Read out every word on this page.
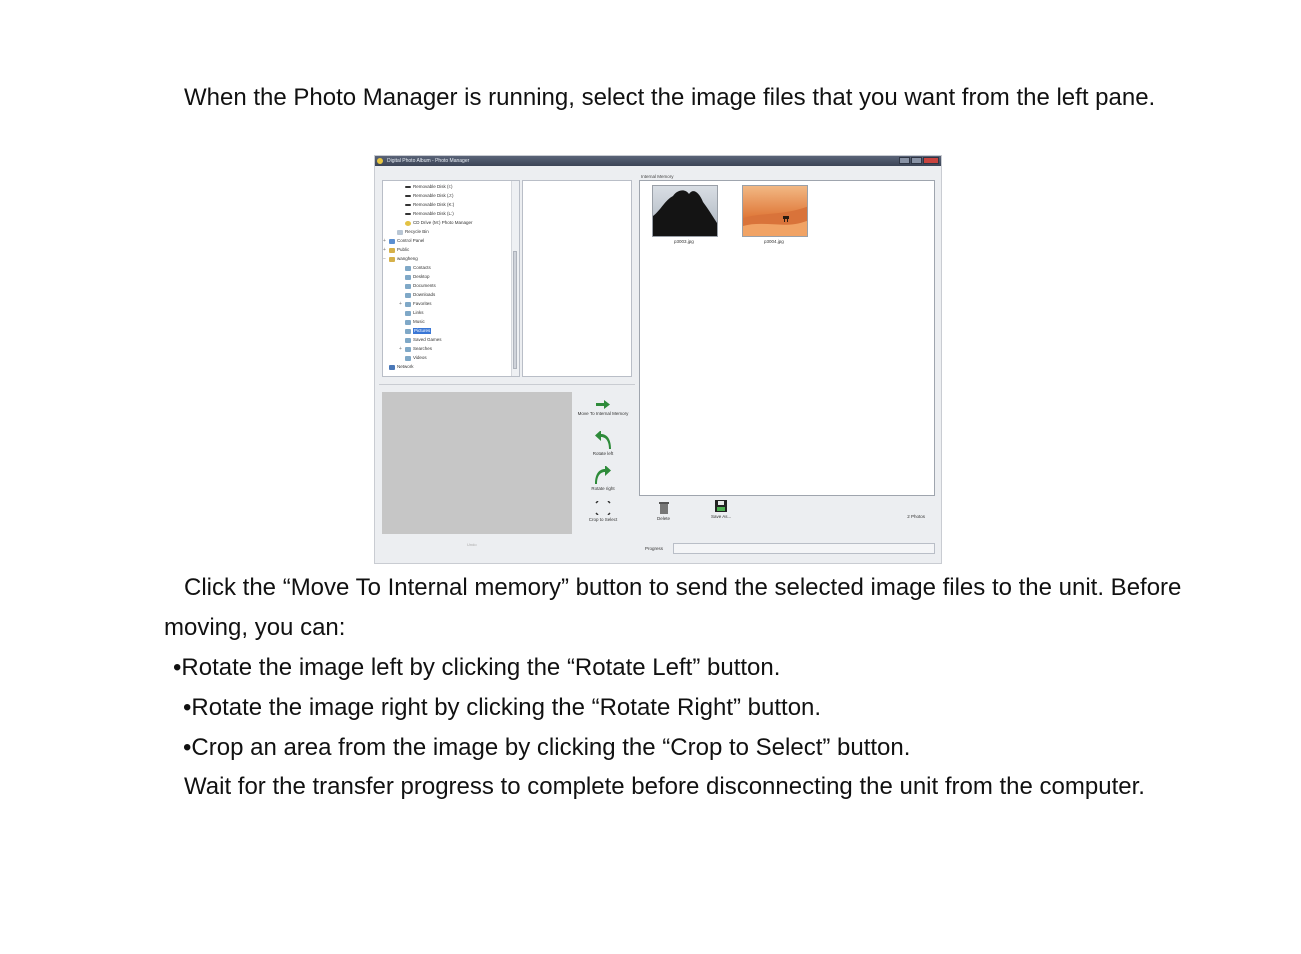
When the Photo Manager is running, select the image files that you want from the left pane.

Digital Photo Album - Photo Manager
Removable Disk (I:)
Removable Disk (J:)
Removable Disk (K:)
Removable Disk (L:)
CD Drive (M:) Photo Manager
Recycle Bin
+ Control Panel
+ Public
− wangheng
Contacts
Desktop
Documents
Downloads
+ Favorites
Links
Music
Pictures
Saved Games
+ Searches
Videos
Network
Undo
Move To Internal Memory
Rotate left
Rotate right
Crop to Select
Internal Memory
p3003.jpg	p3004.jpg
Delete	Save As...	2 Photos
Progress

Click the “Move To Internal memory” button to send the selected image files to the unit. Before moving, you can:

•Rotate the image left by clicking the “Rotate Left” button.
•Rotate the image right by clicking the “Rotate Right” button.
•Crop an area from the image by clicking the “Crop to Select” button.

Wait for the transfer progress to complete before disconnecting the unit from the computer.
